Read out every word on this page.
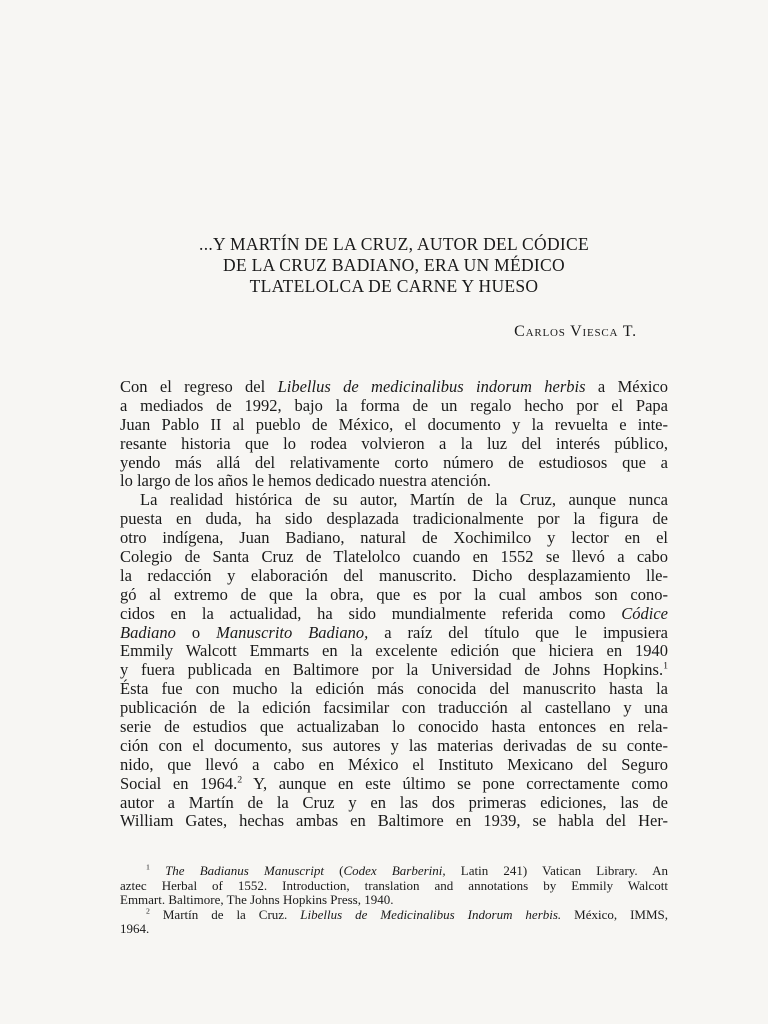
...Y MARTÍN DE LA CRUZ, AUTOR DEL CÓDICE
DE LA CRUZ BADIANO, ERA UN MÉDICO
TLATELOLCA DE CARNE Y HUESO
Carlos Viesca T.
Con el regreso del Libellus de medicinalibus indorum herbis a México
a mediados de 1992, bajo la forma de un regalo hecho por el Papa
Juan Pablo II al pueblo de México, el documento y la revuelta e inte-
resante historia que lo rodea volvieron a la luz del interés público,
yendo más allá del relativamente corto número de estudiosos que a
lo largo de los años le hemos dedicado nuestra atención.
La realidad histórica de su autor, Martín de la Cruz, aunque nunca
puesta en duda, ha sido desplazada tradicionalmente por la figura de
otro indígena, Juan Badiano, natural de Xochimilco y lector en el
Colegio de Santa Cruz de Tlatelolco cuando en 1552 se llevó a cabo
la redacción y elaboración del manuscrito. Dicho desplazamiento lle-
gó al extremo de que la obra, que es por la cual ambos son cono-
cidos en la actualidad, ha sido mundialmente referida como Códice
Badiano o Manuscrito Badiano, a raíz del título que le impusiera
Emmily Walcott Emmarts en la excelente edición que hiciera en 1940
y fuera publicada en Baltimore por la Universidad de Johns Hopkins.$^1$
Ésta fue con mucho la edición más conocida del manuscrito hasta la
publicación de la edición facsimilar con traducción al castellano y una
serie de estudios que actualizaban lo conocido hasta entonces en rela-
ción con el documento, sus autores y las materias derivadas de su conte-
nido, que llevó a cabo en México el Instituto Mexicano del Seguro
Social en 1964.$^2$ Y, aunque en este último se pone correctamente como
autor a Martín de la Cruz y en las dos primeras ediciones, las de
William Gates, hechas ambas en Baltimore en 1939, se habla del Her-
$^1$ The Badianus Manuscript (Codex Barberini, Latin 241) Vatican Library. An
aztec Herbal of 1552. Introduction, translation and annotations by Emmily Walcott
Emmart. Baltimore, The Johns Hopkins Press, 1940.
$^2$ Martín de la Cruz. Libellus de Medicinalibus Indorum herbis. México, IMMS,
1964.
